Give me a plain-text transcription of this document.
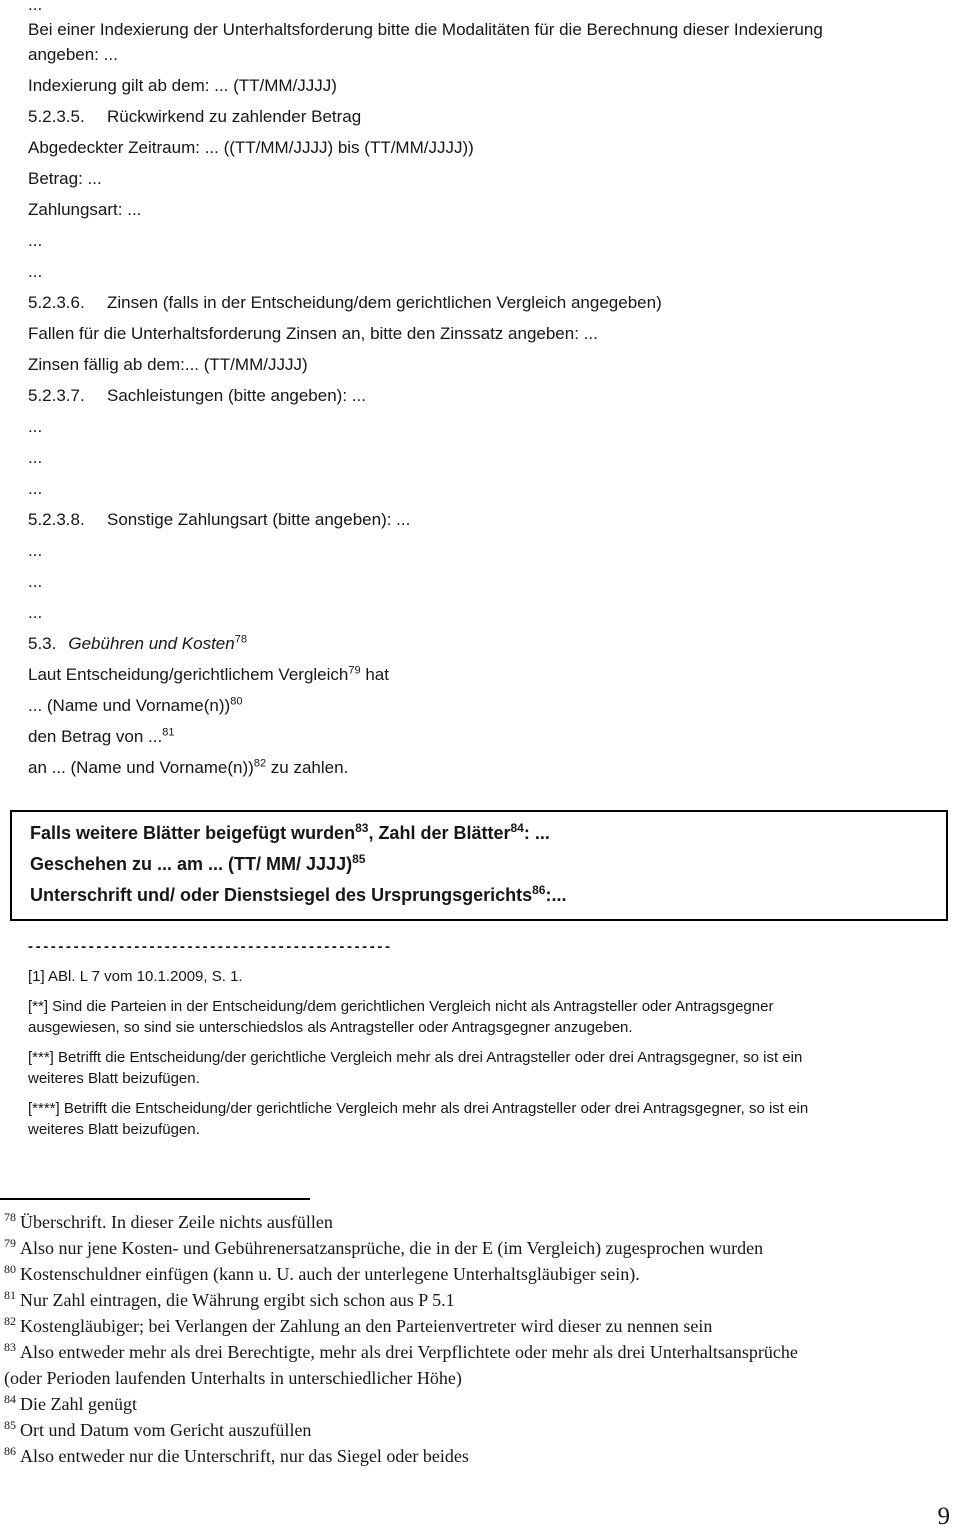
...

Bei einer Indexierung der Unterhaltsforderung bitte die Modalitäten für die Berechnung dieser Indexierung

angeben: ...

Indexierung gilt ab dem: ... (TT/MM/JJJJ)

5.2.3.5.	Rückwirkend zu zahlender Betrag

Abgedeckter Zeitraum: ... ((TT/MM/JJJJ) bis (TT/MM/JJJJ))

Betrag: ...

Zahlungsart: ...

...

...

5.2.3.6.	Zinsen (falls in der Entscheidung/dem gerichtlichen Vergleich angegeben)

Fallen für die Unterhaltsforderung Zinsen an, bitte den Zinssatz angeben: ...

Zinsen fällig ab dem:... (TT/MM/JJJJ)

5.2.3.7.	Sachleistungen (bitte angeben): ...

...

...

...

5.2.3.8.	Sonstige Zahlungsart (bitte angeben): ...

...

...

...

5.3. Gebühren und Kosten$^{78}$

Laut Entscheidung/gerichtlichem Vergleich$^{79}$ hat

... (Name und Vorname(n))$^{80}$

den Betrag von ...$^{81}$

an ... (Name und Vorname(n))$^{82}$ zu zahlen.

Falls weitere Blätter beigefügt wurden$^{83}$, Zahl der Blätter$^{84}$: ...

Geschehen zu ... am ... (TT/ MM/ JJJJ)$^{85}$

Unterschrift und/ oder Dienstsiegel des Ursprungsgerichts$^{86}$:...

------------------------------------------------

[1] ABl. L 7 vom 10.1.2009, S. 1.

[**] Sind die Parteien in der Entscheidung/dem gerichtlichen Vergleich nicht als Antragsteller oder Antragsgegner
ausgewiesen, so sind sie unterschiedslos als Antragsteller oder Antragsgegner anzugeben.

[***] Betrifft die Entscheidung/der gerichtliche Vergleich mehr als drei Antragsteller oder drei Antragsgegner, so ist ein
weiteres Blatt beizufügen.

[****] Betrifft die Entscheidung/der gerichtliche Vergleich mehr als drei Antragsteller oder drei Antragsgegner, so ist ein
weiteres Blatt beizufügen.

$^{78}$ Überschrift. In dieser Zeile nichts ausfüllen
$^{79}$ Also nur jene Kosten- und Gebührenersatzansprüche, die in der E (im Vergleich) zugesprochen wurden
$^{80}$ Kostenschuldner einfügen (kann u. U. auch der unterlegene Unterhaltsgläubiger sein).
$^{81}$ Nur Zahl eintragen, die Währung ergibt sich schon aus P 5.1
$^{82}$ Kostengläubiger; bei Verlangen der Zahlung an den Parteienvertreter wird dieser zu nennen sein
$^{83}$ Also entweder mehr als drei Berechtigte, mehr als drei Verpflichtete oder mehr als drei Unterhaltsansprüche
(oder Perioden laufenden Unterhalts in unterschiedlicher Höhe)
$^{84}$ Die Zahl genügt
$^{85}$ Ort und Datum vom Gericht auszufüllen
$^{86}$ Also entweder nur die Unterschrift, nur das Siegel oder beides
9
